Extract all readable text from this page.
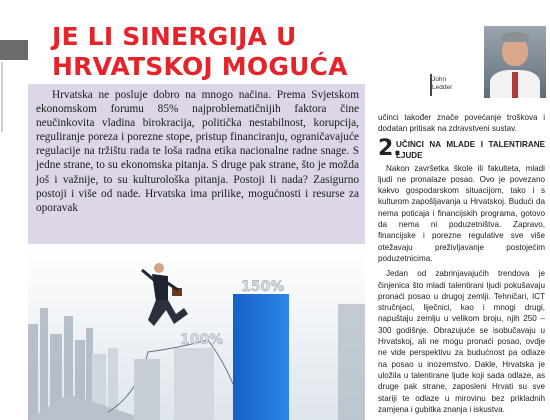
JE LI SINERGIJA U
HRVATSKOJ MOGUĆA

Hrvatska ne posluje dobro na mnogo načina. Prema Svjetskom ekonomskom forumu 85% najproblematičnijih faktora čine neučinkovita vladina birokracija, politička nestabilnost, korupcija, reguliranje poreza i porezne stope, pristup financiranju, ograničavajuće regulacije na tržištu rada te loša radna etika nacionalne radne snage. S jedne strane, to su ekonomska pitanja. S druge pak strane, što je možda još i važnije, to su kulturološka pitanja. Postoji li nada? Zasigurno postoji i više od nade. Hrvatska ima prilike, mogućnosti i resurse za oporavak

John
Ledder

100%
150%

učinci također znače povećanje troškova i dodatan pritisak na zdravstveni sustav.

2.
UČINCI NA MLADE I TALENTIRANE LJUDE

Nakon završetka škole ili fakulteta, mladi ljudi ne pronalaze posao. Ovo je povezano kakvo gospodarskom situacijom, tako i s kulturom zapošljavanja u Hrvatskoj. Budući da nema poticaja i financijskih programa, gotovo da nema ni poduzetništva. Zapravo, financijske i porezne regulative sve više otežavaju preživljavanje postojećim poduzetnicima.

Jedan od zabrinjavajućih trendova je činjenica što mladi talentirani ljudi pokušavaju pronaći posao u drugoj zemlji. Tehničari, ICT stručnjaci, liječnici, kao i mnogi drugi, napuštaju zemlju u velikom broju, njih 250 – 300 godišnje. Obrazujuće se isobučavaju u Hrvatskoj, ali ne mogu pronaći posao, ovdje ne vide perspektivu za budućnost pa odlaze na posao u inozemstvo. Dakle, Hrvatska je uložila u talentirane ljude koji sada odlaze, as druge pak strane, zaposleni Hrvati su sve stariji te odlaze u mirovinu bez prikladnih zamjena i gubitka znanja i iskustva.
